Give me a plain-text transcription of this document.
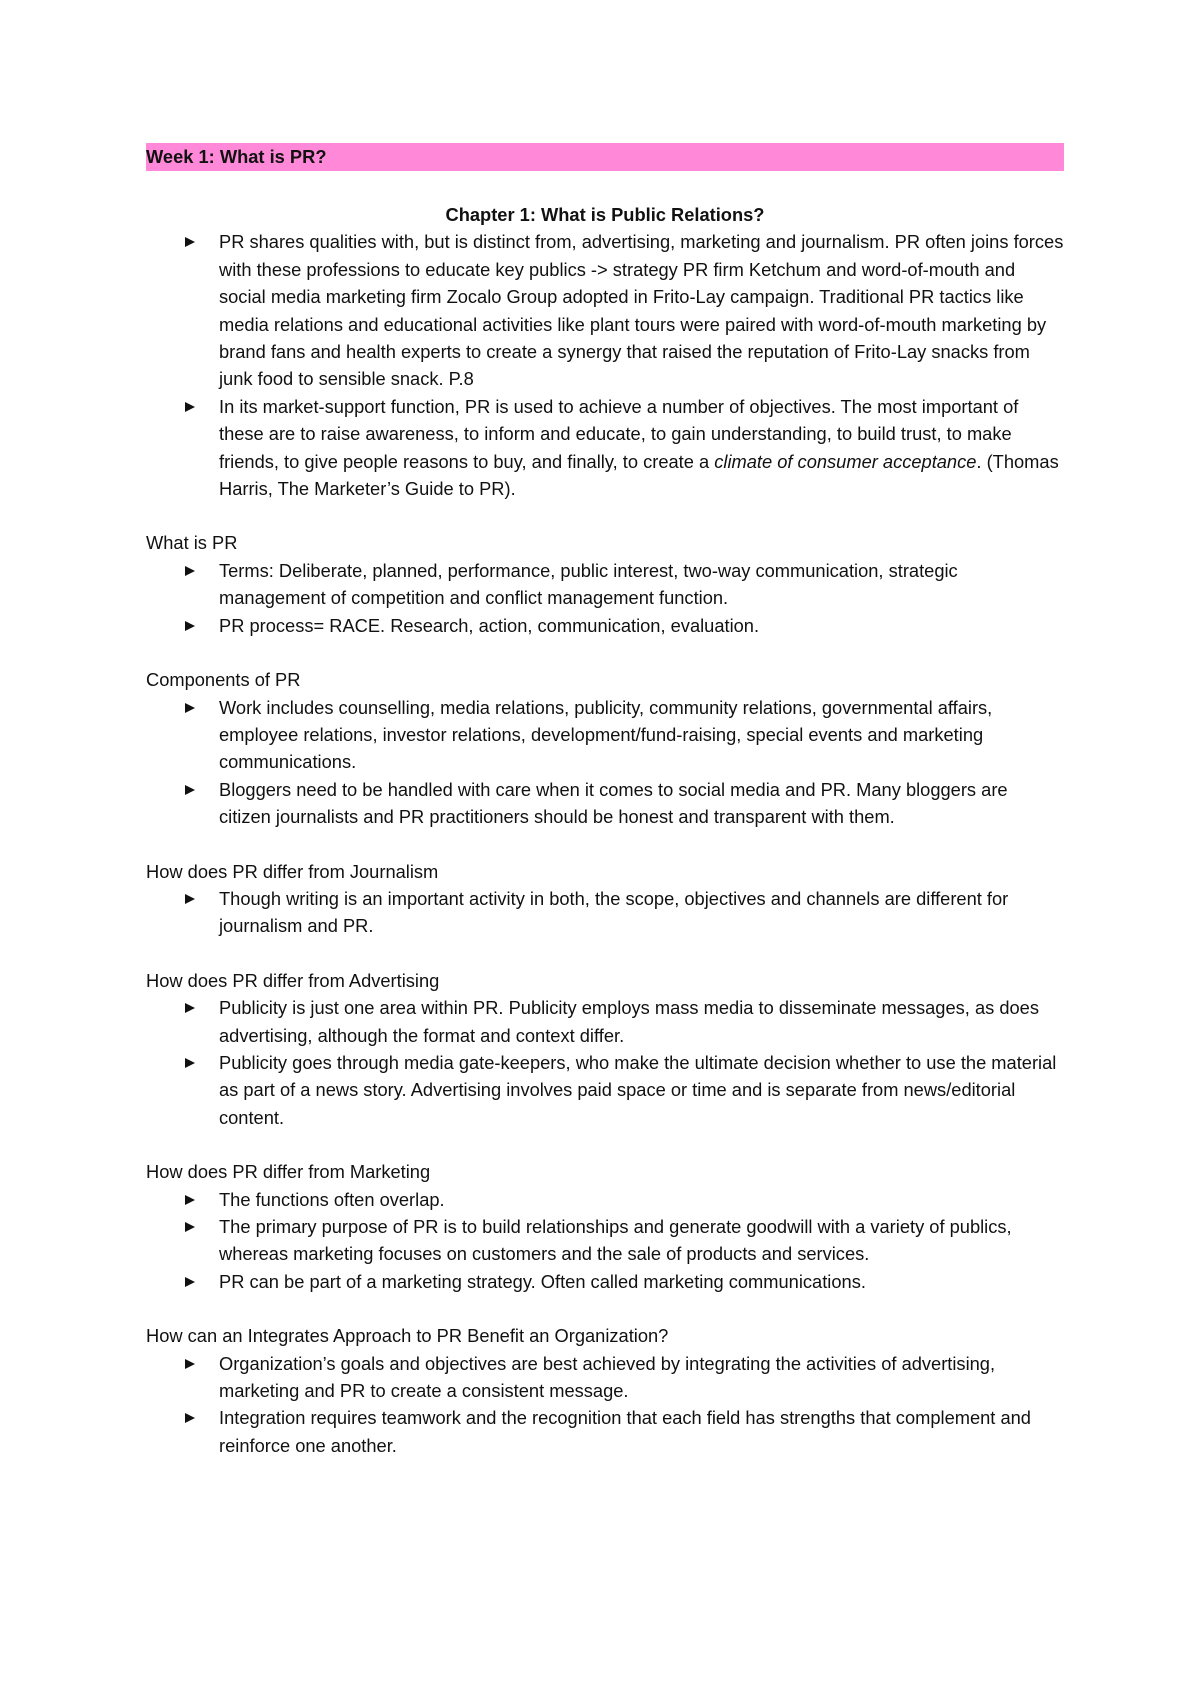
Week 1: What is PR?
Chapter 1: What is Public Relations?
PR shares qualities with, but is distinct from, advertising, marketing and journalism. PR often joins forces with these professions to educate key publics -> strategy PR firm Ketchum and word-of-mouth and social media marketing firm Zocalo Group adopted in Frito-Lay campaign. Traditional PR tactics like media relations and educational activities like plant tours were paired with word-of-mouth marketing by brand fans and health experts to create a synergy that raised the reputation of Frito-Lay snacks from junk food to sensible snack. P.8
In its market-support function, PR is used to achieve a number of objectives. The most important of these are to raise awareness, to inform and educate, to gain understanding, to build trust, to make friends, to give people reasons to buy, and finally, to create a climate of consumer acceptance. (Thomas Harris, The Marketer’s Guide to PR).

What is PR

Terms: Deliberate, planned, performance, public interest, two-way communication, strategic management of competition and conflict management function.
PR process= RACE. Research, action, communication, evaluation.

Components of PR

Work includes counselling, media relations, publicity, community relations, governmental affairs, employee relations, investor relations, development/fund-raising, special events and marketing communications.
Bloggers need to be handled with care when it comes to social media and PR. Many bloggers are citizen journalists and PR practitioners should be honest and transparent with them.

How does PR differ from Journalism

Though writing is an important activity in both, the scope, objectives and channels are different for journalism and PR.

How does PR differ from Advertising

Publicity is just one area within PR. Publicity employs mass media to disseminate messages, as does advertising, although the format and context differ.
Publicity goes through media gate-keepers, who make the ultimate decision whether to use the material as part of a news story. Advertising involves paid space or time and is separate from news/editorial content.

How does PR differ from Marketing

The functions often overlap.
The primary purpose of PR is to build relationships and generate goodwill with a variety of publics, whereas marketing focuses on customers and the sale of products and services.
PR can be part of a marketing strategy. Often called marketing communications.

How can an Integrates Approach to PR Benefit an Organization?

Organization’s goals and objectives are best achieved by integrating the activities of advertising, marketing and PR to create a consistent message.
Integration requires teamwork and the recognition that each field has strengths that complement and reinforce one another.
